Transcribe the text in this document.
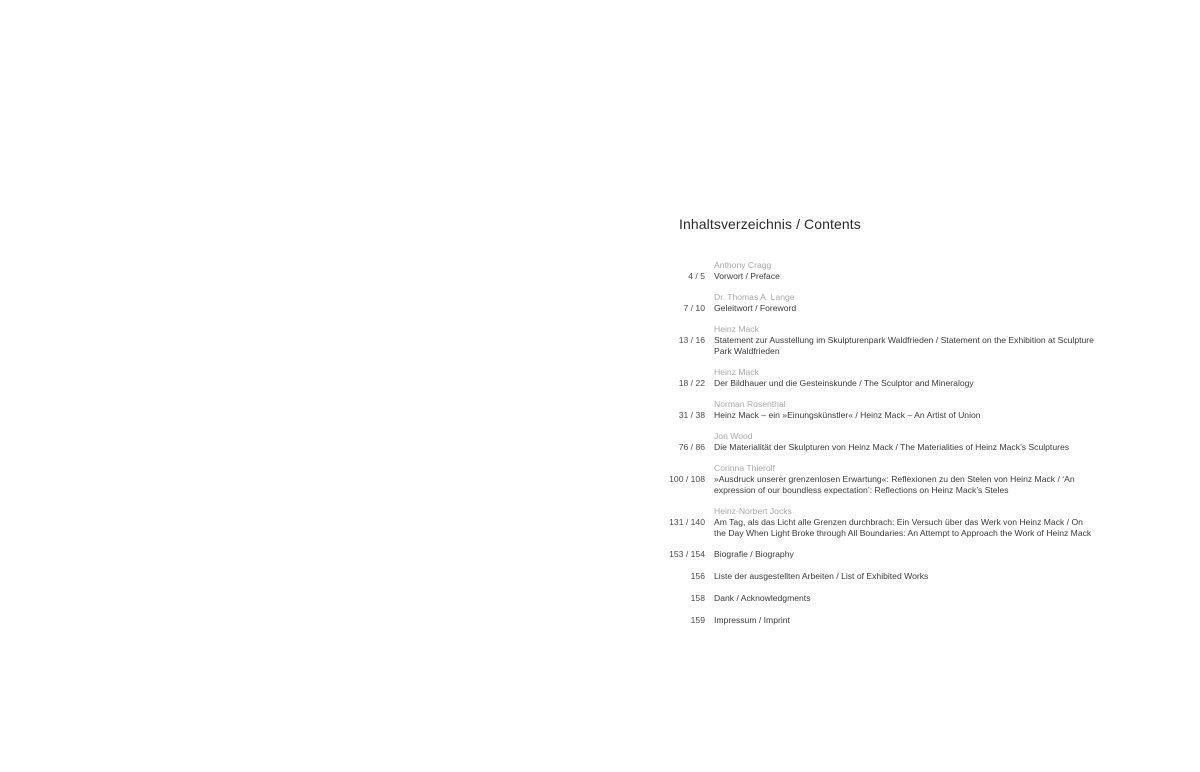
Inhaltsverzeichnis / Contents
4 / 5
Anthony Cragg
Vorwort / Preface
7 / 10
Dr. Thomas A. Lange
Geleitwort / Foreword
13 / 16
Heinz Mack
Statement zur Ausstellung im Skulpturenpark Waldfrieden / Statement on the Exhibition at Sculpture Park Waldfrieden
18 / 22
Heinz Mack
Der Bildhauer und die Gesteinskunde / The Sculptor and Mineralogy
31 / 38
Norman Rosenthal
Heinz Mack – ein »Einungskünstler« / Heinz Mack – An Artist of Union
76 / 86
Jon Wood
Die Materialität der Skulpturen von Heinz Mack / The Materialities of Heinz Mack’s Sculptures
100 / 108
Corinna Thierolf
»Ausdruck unserer grenzenlosen Erwartung«: Reflexionen zu den Stelen von Heinz Mack / ‘An expression of our boundless expectation’: Reflections on Heinz Mack’s Steles
131 / 140
Heinz-Norbert Jocks
Am Tag, als das Licht alle Grenzen durchbrach: Ein Versuch über das Werk von Heinz Mack / On the Day When Light Broke through All Boundaries: An Attempt to Approach the Work of Heinz Mack
153 / 154 Biografie / Biography
156 Liste der ausgestellten Arbeiten / List of Exhibited Works
158 Dank / Acknowledgments
159 Impressum / Imprint
